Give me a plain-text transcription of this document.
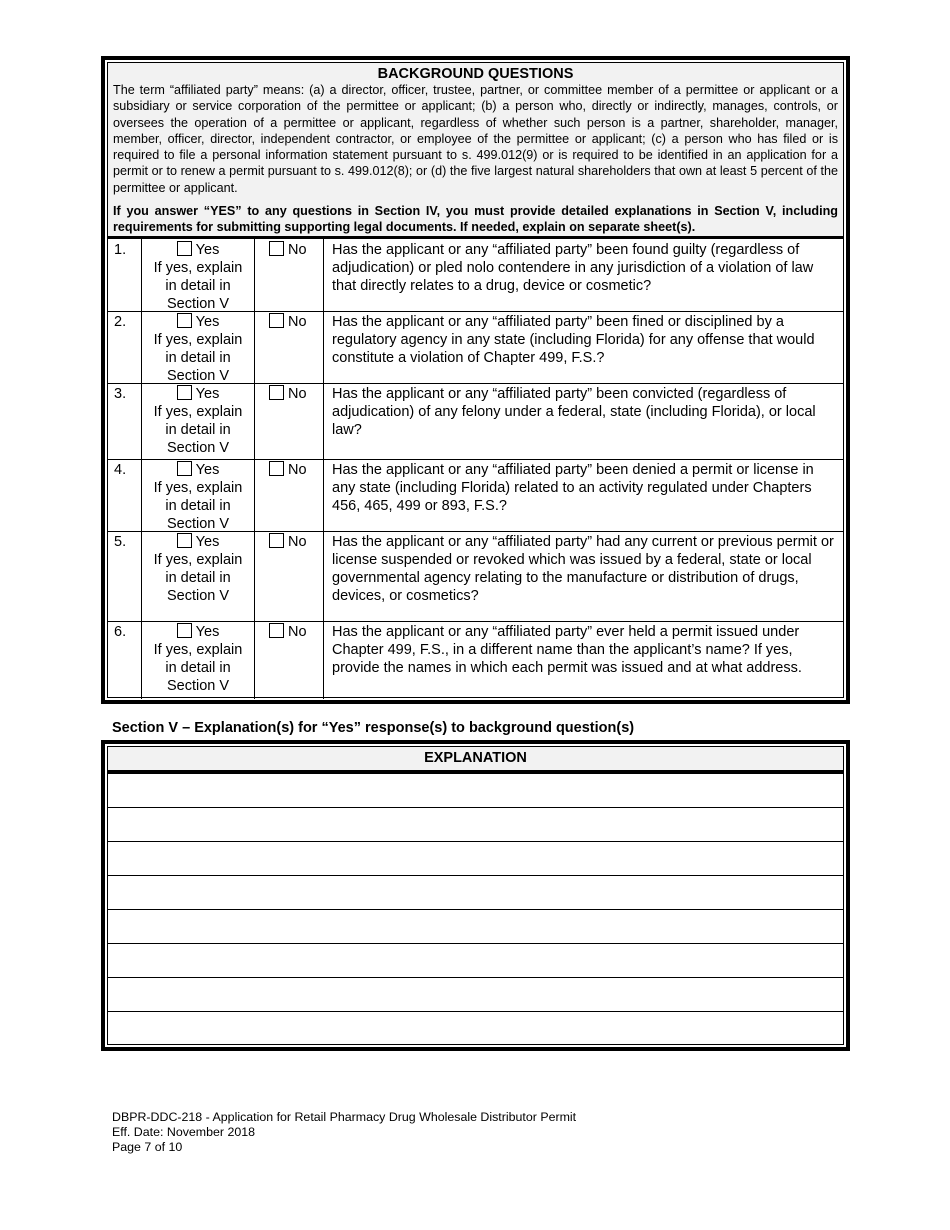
BACKGROUND QUESTIONS
The term “affiliated party” means: (a) a director, officer, trustee, partner, or committee member of a permittee or applicant or a subsidiary or service corporation of the permittee or applicant; (b) a person who, directly or indirectly, manages, controls, or oversees the operation of a permittee or applicant, regardless of whether such person is a partner, shareholder, manager, member, officer, director, independent contractor, or employee of the permittee or applicant; (c) a person who has filed or is required to file a personal information statement pursuant to s. 499.012(9) or is required to be identified in an application for a permit or to renew a permit pursuant to s. 499.012(8); or (d) the five largest natural shareholders that own at least 5 percent of the permittee or applicant.
If you answer “YES” to any questions in Section IV, you must provide detailed explanations in Section V, including requirements for submitting supporting legal documents. If needed, explain on separate sheet(s).
1.	Yes
If yes, explain
in detail in
Section V
No	Has the applicant or any “affiliated party” been found guilty (regardless of adjudication) or pled nolo contendere in any jurisdiction of a violation of law that directly relates to a drug, device or cosmetic?
2.	Yes
If yes, explain
in detail in
Section V
No	Has the applicant or any “affiliated party” been fined or disciplined by a regulatory agency in any state (including Florida) for any offense that would constitute a violation of Chapter 499, F.S.?
3.	Yes
If yes, explain
in detail in
Section V
No	Has the applicant or any “affiliated party” been convicted (regardless of adjudication) of any felony under a federal, state (including Florida), or local law?
4.	Yes
If yes, explain
in detail in
Section V
No	Has the applicant or any “affiliated party” been denied a permit or license in any state (including Florida) related to an activity regulated under Chapters 456, 465, 499 or 893, F.S.?
5.	Yes
If yes, explain
in detail in
Section V
No	Has the applicant or any “affiliated party” had any current or previous permit or license suspended or revoked which was issued by a federal, state or local governmental agency relating to the manufacture or distribution of drugs, devices, or cosmetics?
6.	Yes
If yes, explain
in detail in
Section V
No	Has the applicant or any “affiliated party” ever held a permit issued under Chapter 499, F.S., in a different name than the applicant’s name? If yes, provide the names in which each permit was issued and at what address.
Section V – Explanation(s) for “Yes” response(s) to background question(s)
EXPLANATION
DBPR-DDC-218 - Application for Retail Pharmacy Drug Wholesale Distributor Permit
Eff. Date: November 2018
Page 7 of 10
